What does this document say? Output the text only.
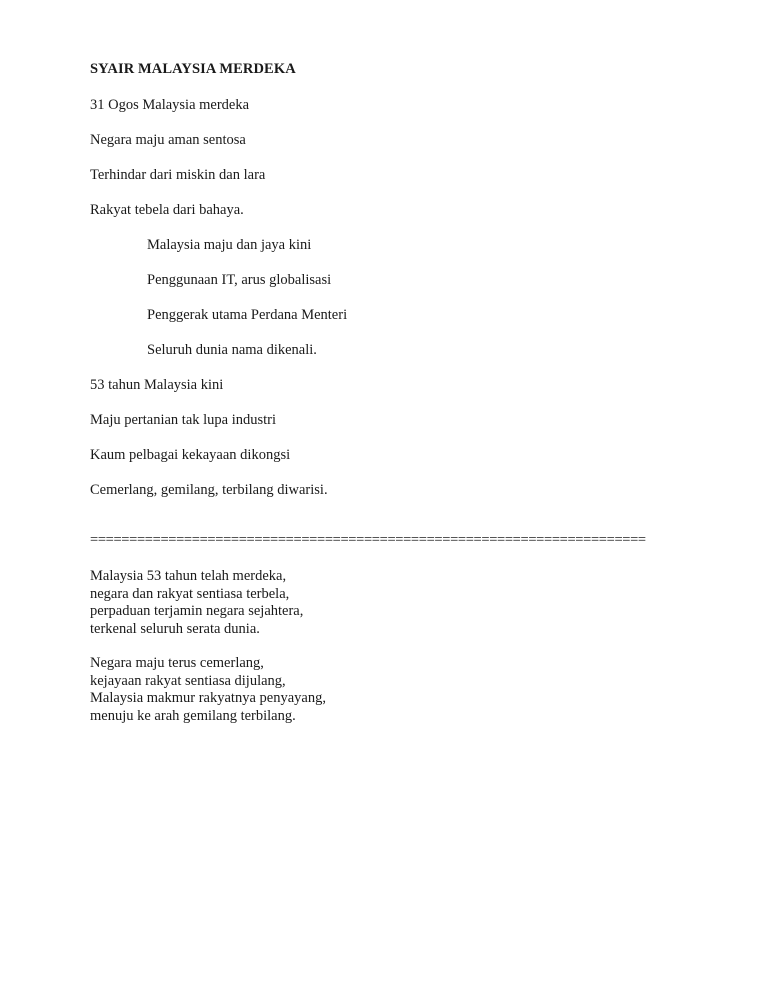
SYAIR MALAYSIA MERDEKA
31 Ogos Malaysia merdeka
Negara maju aman sentosa
Terhindar dari miskin dan lara
Rakyat tebela dari bahaya.
Malaysia maju dan jaya kini
Penggunaan IT, arus globalisasi
Penggerak utama Perdana Menteri
Seluruh dunia nama dikenali.
53 tahun Malaysia kini
Maju pertanian tak lupa industri
Kaum pelbagai kekayaan dikongsi
Cemerlang, gemilang, terbilang diwarisi.
=======================================================================
Malaysia 53 tahun telah merdeka,
negara dan rakyat sentiasa terbela,
perpaduan terjamin negara sejahtera,
terkenal seluruh serata dunia.
Negara maju terus cemerlang,
kejayaan rakyat sentiasa dijulang,
Malaysia makmur rakyatnya penyayang,
menuju ke arah gemilang terbilang.
